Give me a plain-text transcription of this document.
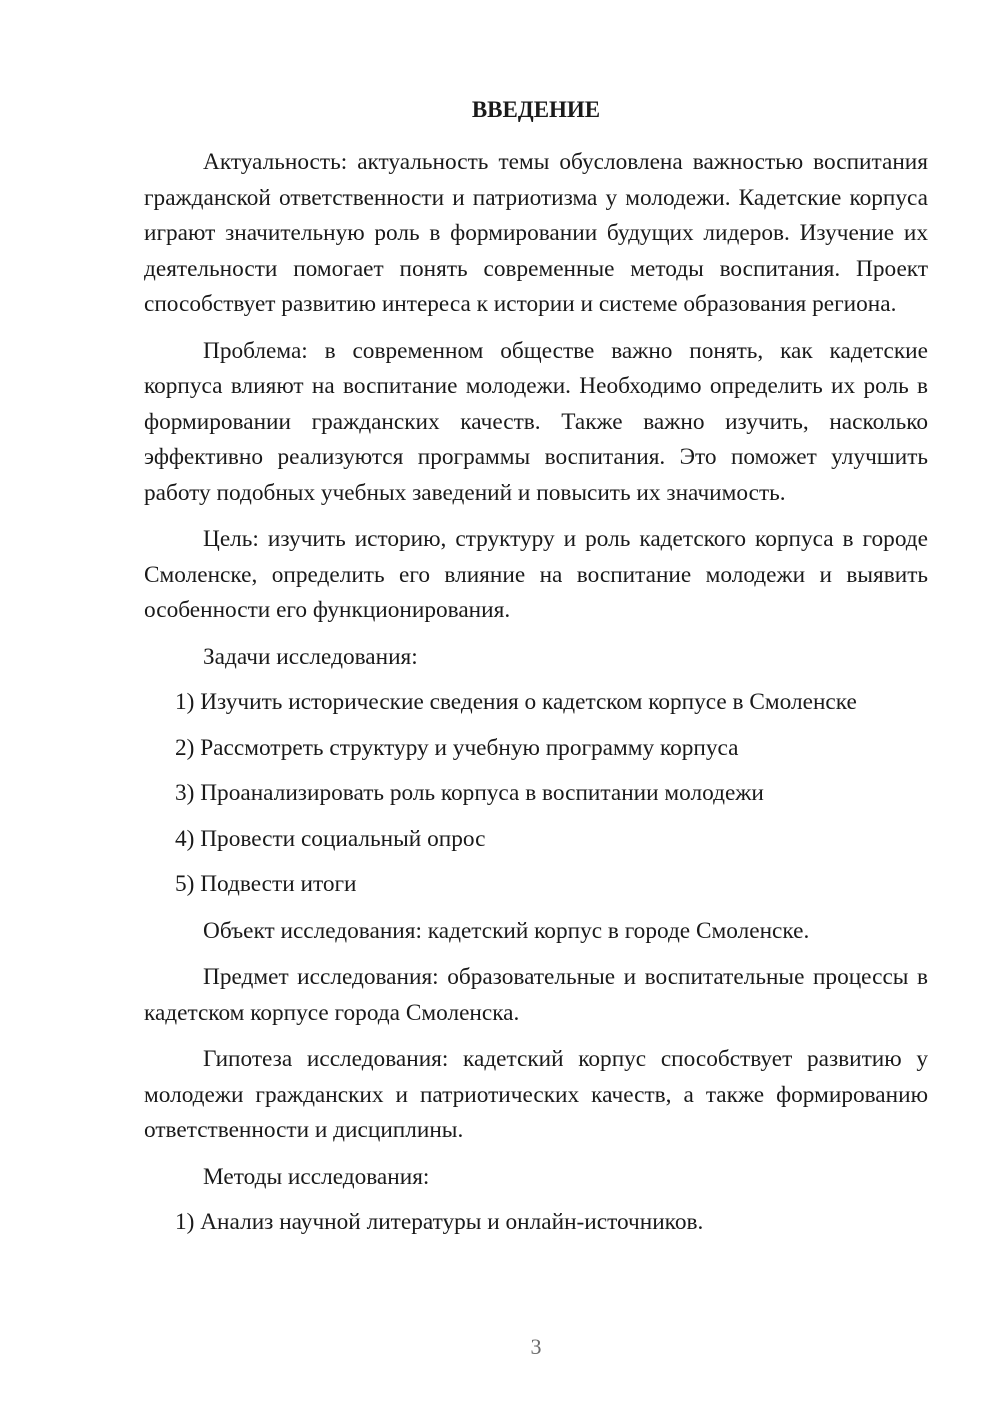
ВВЕДЕНИЕ

Актуальность: актуальность темы обусловлена важностью воспитания гражданской ответственности и патриотизма у молодежи. Кадетские корпуса играют значительную роль в формировании будущих лидеров. Изучение их деятельности помогает понять современные методы воспитания. Проект способствует развитию интереса к истории и системе образования региона.

Проблема: в современном обществе важно понять, как кадетские корпуса влияют на воспитание молодежи. Необходимо определить их роль в формировании гражданских качеств. Также важно изучить, насколько эффективно реализуются программы воспитания. Это поможет улучшить работу подобных учебных заведений и повысить их значимость.

Цель: изучить историю, структуру и роль кадетского корпуса в городе Смоленске, определить его влияние на воспитание молодежи и выявить особенности его функционирования.

Задачи исследования:
1) Изучить исторические сведения о кадетском корпусе в Смоленске
2) Рассмотреть структуру и учебную программу корпуса
3) Проанализировать роль корпуса в воспитании молодежи
4) Провести социальный опрос
5) Подвести итоги

Объект исследования: кадетский корпус в городе Смоленске.

Предмет исследования: образовательные и воспитательные процессы в кадетском корпусе города Смоленска.

Гипотеза исследования: кадетский корпус способствует развитию у молодежи гражданских и патриотических качеств, а также формированию ответственности и дисциплины.

Методы исследования:
1) Анализ научной литературы и онлайн-источников.
3
